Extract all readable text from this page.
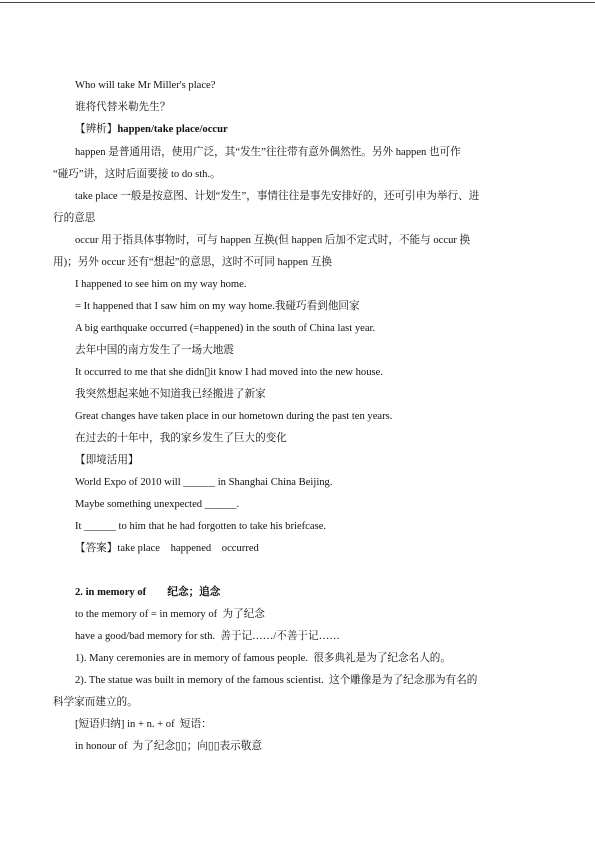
Who will take Mr Miller's place?
谁将代替米勒先生？
【辨析】happen/take place/occur
happen 是普通用语，使用广泛，其“发生”往往带有意外偶然性。另外 happen 也可作
“碰巧”讲，这时后面要接 to do sth.。
take place 一般是按意图、计划“发生”，事情往往是事先安排好的，还可引申为举行、进
行的意思
occur 用于指具体事物时，可与 happen 互换(但 happen 后加不定式时，不能与 occur 换
用)；另外 occur 还有“想起”的意思，这时不可同 happen 互换
I happened to see him on my way home.
= It happened that I saw him on my way home.我碰巧看到他回家
A big earthquake occurred (=happened) in the south of China last year.
去年中国的南方发生了一场大地震
It occurred to me that she didn▯it know I had moved into the new house.
我突然想起来她不知道我已经搬进了新家
Great changes have taken place in our hometown during the past ten years.
在过去的十年中，我的家乡发生了巨大的变化
【即境活用】
World Expo of 2010 will ______ in Shanghai China Beijing.
Maybe something unexpected ______.
It ______ to him that he had forgotten to take his briefcase.
【答案】take place    happened    occurred
2. in memory of        纪念；追念
to the memory of = in memory of  为了纪念
have a good/bad memory for sth.  善于记……/不善于记……
1). Many ceremonies are in memory of famous people.  很多典礼是为了纪念名人的。
2). The statue was built in memory of the famous scientist.  这个雕像是为了纪念那为有名的
科学家而建立的。
[短语归纳] in + n. + of  短语：
in honour of  为了纪念▯▯；向▯▯表示敬意
